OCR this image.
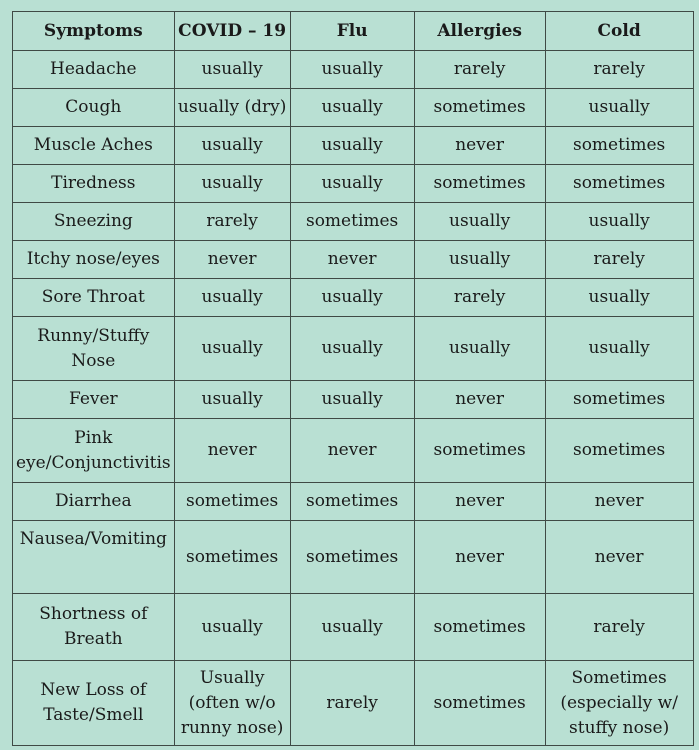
Symptoms	COVID – 19	Flu	Allergies	Cold
Headache	usually	usually	rarely	rarely
Cough	usually (dry)	usually	sometimes	usually
Muscle Aches	usually	usually	never	sometimes
Tiredness	usually	usually	sometimes	sometimes
Sneezing	rarely	sometimes	usually	usually
Itchy nose/eyes	never	never	usually	rarely
Sore Throat	usually	usually	rarely	usually
Runny/Stuffy Nose	usually	usually	usually	usually
Fever	usually	usually	never	sometimes
Pink eye/Conjunctivitis	never	never	sometimes	sometimes
Diarrhea	sometimes	sometimes	never	never
Nausea/Vomiting	sometimes	sometimes	never	never
Shortness of Breath	usually	usually	sometimes	rarely
New Loss of Taste/Smell	Usually (often w/o runny nose)	rarely	sometimes	Sometimes (especially w/ stuffy nose)
